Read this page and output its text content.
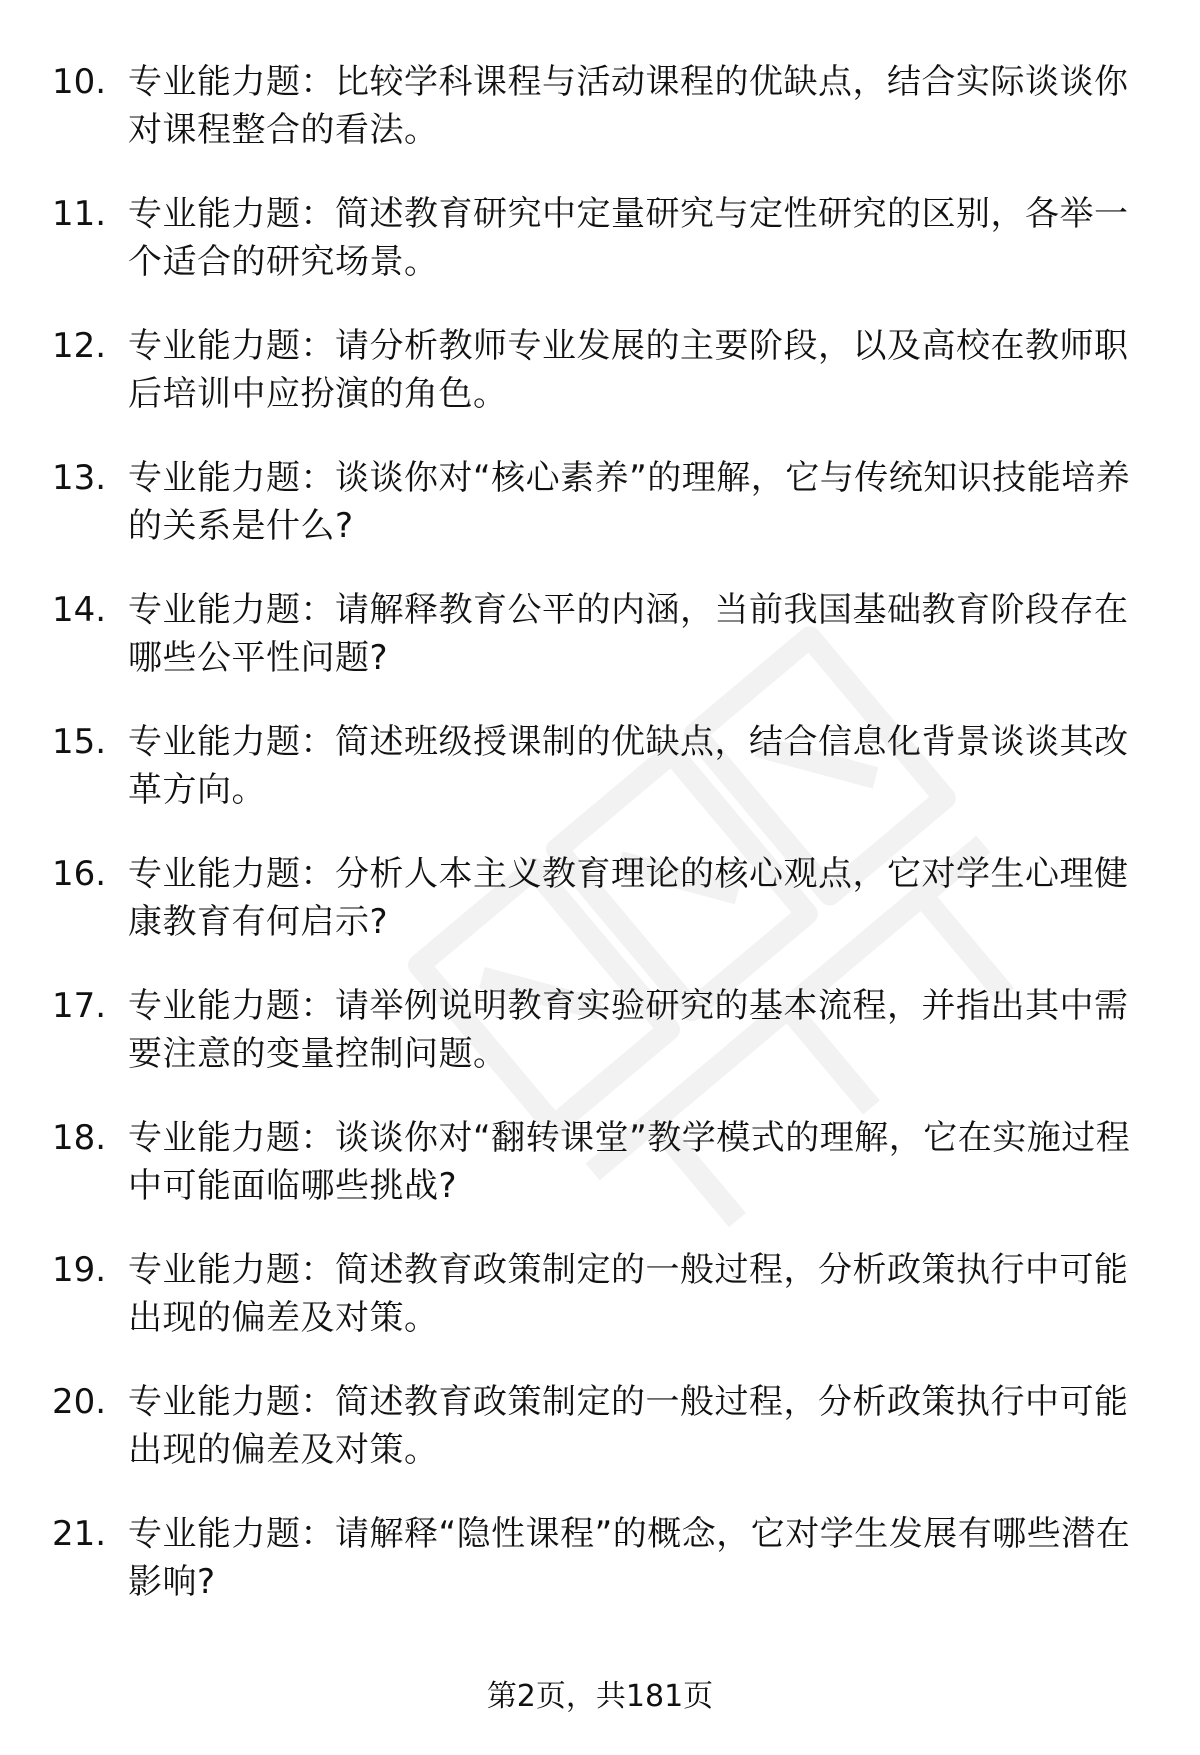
10. 专业能力题：比较学科课程与活动课程的优缺点，结合实际谈谈你对课程整合的看法。
11. 专业能力题：简述教育研究中定量研究与定性研究的区别，各举一个适合的研究场景。
12. 专业能力题：请分析教师专业发展的主要阶段，以及高校在教师职后培训中应扮演的角色。
13. 专业能力题：谈谈你对“核心素养”的理解，它与传统知识技能培养的关系是什么?
14. 专业能力题：请解释教育公平的内涵，当前我国基础教育阶段存在哪些公平性问题?
15. 专业能力题：简述班级授课制的优缺点，结合信息化背景谈谈其改革方向。
16. 专业能力题：分析人本主义教育理论的核心观点，它对学生心理健康教育有何启示?
17. 专业能力题：请举例说明教育实验研究的基本流程，并指出其中需要注意的变量控制问题。
18. 专业能力题：谈谈你对“翻转课堂”教学模式的理解，它在实施过程中可能面临哪些挑战?
19. 专业能力题：简述教育政策制定的一般过程，分析政策执行中可能出现的偏差及对策。
20. 专业能力题：简述教育政策制定的一般过程，分析政策执行中可能出现的偏差及对策。
21. 专业能力题：请解释“隐性课程”的概念，它对学生发展有哪些潜在影响?
第2页，共181页
